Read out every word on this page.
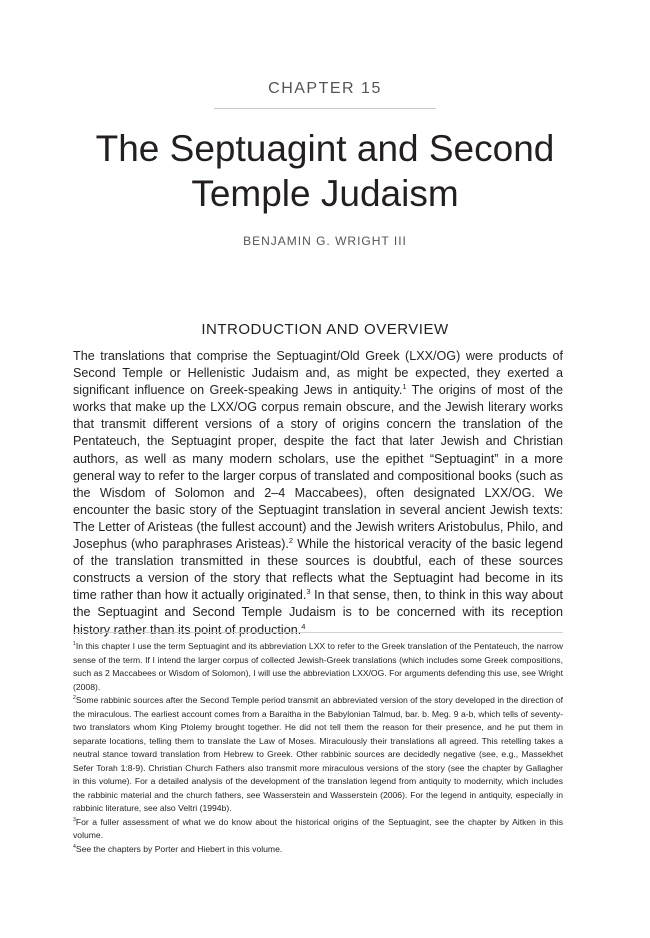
CHAPTER 15
The Septuagint and Second Temple Judaism
BENJAMIN G. WRIGHT III
INTRODUCTION AND OVERVIEW

The translations that comprise the Septuagint/Old Greek (LXX/OG) were products of Second Temple or Hellenistic Judaism and, as might be expected, they exerted a significant influence on Greek-speaking Jews in antiquity.$^1$ The origins of most of the works that make up the LXX/OG corpus remain obscure, and the Jewish literary works that transmit different versions of a story of origins concern the translation of the Pentateuch, the Septuagint proper, despite the fact that later Jewish and Christian authors, as well as many modern scholars, use the epithet “Septuagint” in a more general way to refer to the larger corpus of translated and compositional books (such as the Wisdom of Solomon and 2–4 Maccabees), often designated LXX/OG. We encounter the basic story of the Septuagint translation in several ancient Jewish texts: The Letter of Aristeas (the fullest account) and the Jewish writers Aristobulus, Philo, and Josephus (who paraphrases Aristeas).$^2$ While the historical veracity of the basic legend of the translation transmitted in these sources is doubtful, each of these sources constructs a version of the story that reflects what the Septuagint had become in its time rather than how it actually originated.$^3$ In that sense, then, to think in this way about the Septuagint and Second Temple Judaism is to be concerned with its reception history rather than its point of production.$^4$

$^1$In this chapter I use the term Septuagint and its abbreviation LXX to refer to the Greek translation of the Pentateuch, the narrow sense of the term. If I intend the larger corpus of collected Jewish-Greek translations (which includes some Greek compositions, such as 2 Maccabees or Wisdom of Solomon), I will use the abbreviation LXX/OG. For arguments defending this use, see Wright (2008).

$^2$Some rabbinic sources after the Second Temple period transmit an abbreviated version of the story developed in the direction of the miraculous. The earliest account comes from a Baraitha in the Babylonian Talmud, bar. b. Meg. 9 a-b, which tells of seventy-two translators whom King Ptolemy brought together. He did not tell them the reason for their presence, and he put them in separate locations, telling them to translate the Law of Moses. Miraculously their translations all agreed. This retelling takes a neutral stance toward translation from Hebrew to Greek. Other rabbinic sources are decidedly negative (see, e.g., Massekhet Sefer Torah 1:8-9). Christian Church Fathers also transmit more miraculous versions of the story (see the chapter by Gallagher in this volume). For a detailed analysis of the development of the translation legend from antiquity to modernity, which includes the rabbinic material and the church fathers, see Wasserstein and Wasserstein (2006). For the legend in antiquity, especially in rabbinic literature, see also Veltri (1994b).

$^3$For a fuller assessment of what we do know about the historical origins of the Septuagint, see the chapter by Aitken in this volume.

$^4$See the chapters by Porter and Hiebert in this volume.
